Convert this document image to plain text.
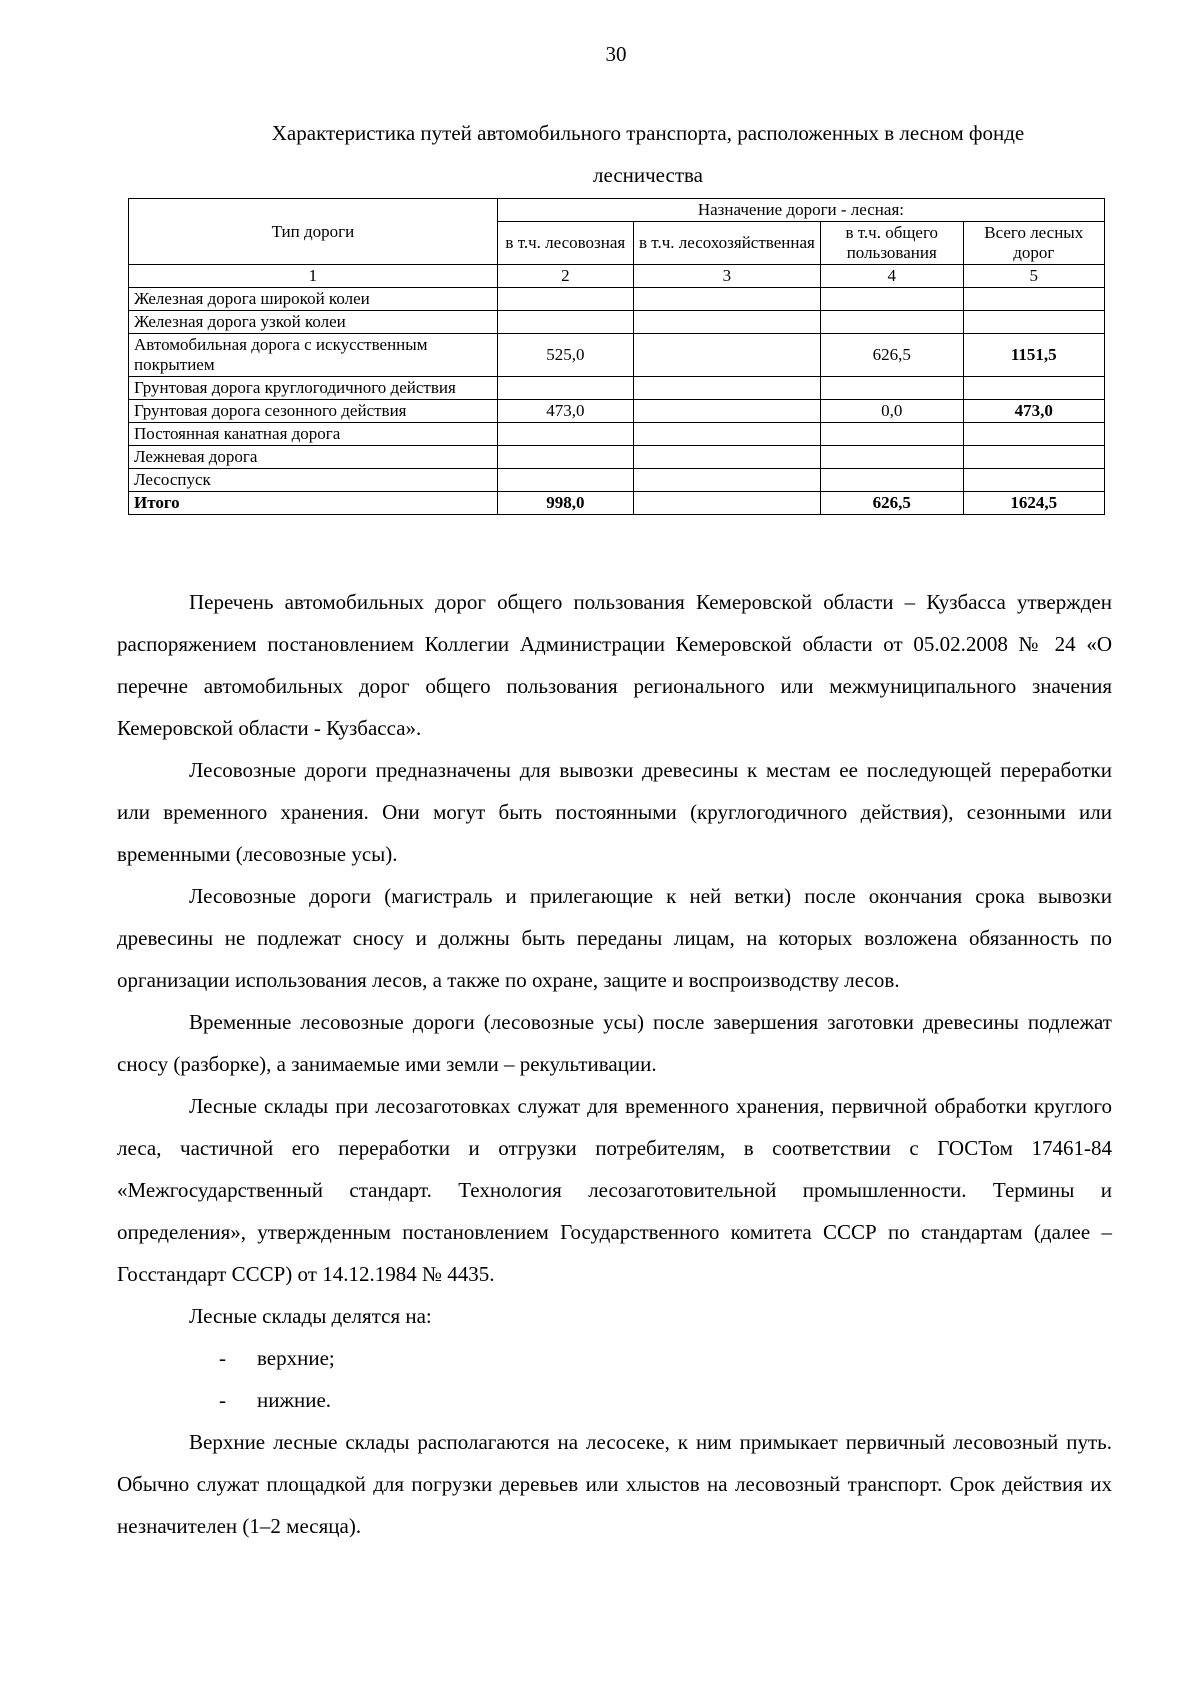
30
Характеристика путей автомобильного транспорта, расположенных в лесном фонде
лесничества
Тип дороги	Назначение дороги - лесная:			
	в т.ч. лесовозная	в т.ч. лесохозяйственная	в т.ч. общего пользования	Всего лесных дорог
1	2	3	4	5
Железная дорога широкой колеи				
Железная дорога узкой колеи				
Автомобильная дорога с искусственным покрытием	525,0		626,5	1151,5
Грунтовая дорога круглогодичного действия				
Грунтовая дорога сезонного действия	473,0		0,0	473,0
Постоянная канатная дорога				
Лежневая дорога				
Лесоспуск				
Итого	998,0		626,5	1624,5

Перечень автомобильных дорог общего пользования Кемеровской области – Кузбасса утвержден распоряжением постановлением Коллегии Администрации Кемеровской области от 05.02.2008 № 24 «О перечне автомобильных дорог общего пользования регионального или межмуниципального значения Кемеровской области - Кузбасса».

Лесовозные дороги предназначены для вывозки древесины к местам ее последующей переработки или временного хранения. Они могут быть постоянными (круглогодичного действия), сезонными или временными (лесовозные усы).

Лесовозные дороги (магистраль и прилегающие к ней ветки) после окончания срока вывозки древесины не подлежат сносу и должны быть переданы лицам, на которых возложена обязанность по организации использования лесов, а также по охране, защите и воспроизводству лесов.

Временные лесовозные дороги (лесовозные усы) после завершения заготовки древесины подлежат сносу (разборке), а занимаемые ими земли – рекультивации.

Лесные склады при лесозаготовках служат для временного хранения, первичной обработки круглого леса, частичной его переработки и отгрузки потребителям, в соответствии с ГОСТом 17461-84 «Межгосударственный стандарт. Технология лесозаготовительной промышленности. Термины и определения», утвержденным постановлением Государственного комитета СССР по стандартам (далее – Госстандарт СССР) от 14.12.1984 № 4435.

Лесные склады делятся на:

- верхние;

- нижние.

Верхние лесные склады располагаются на лесосеке, к ним примыкает первичный лесовозный путь. Обычно служат площадкой для погрузки деревьев или хлыстов на лесовозный транспорт. Срок действия их незначителен (1–2 месяца).
